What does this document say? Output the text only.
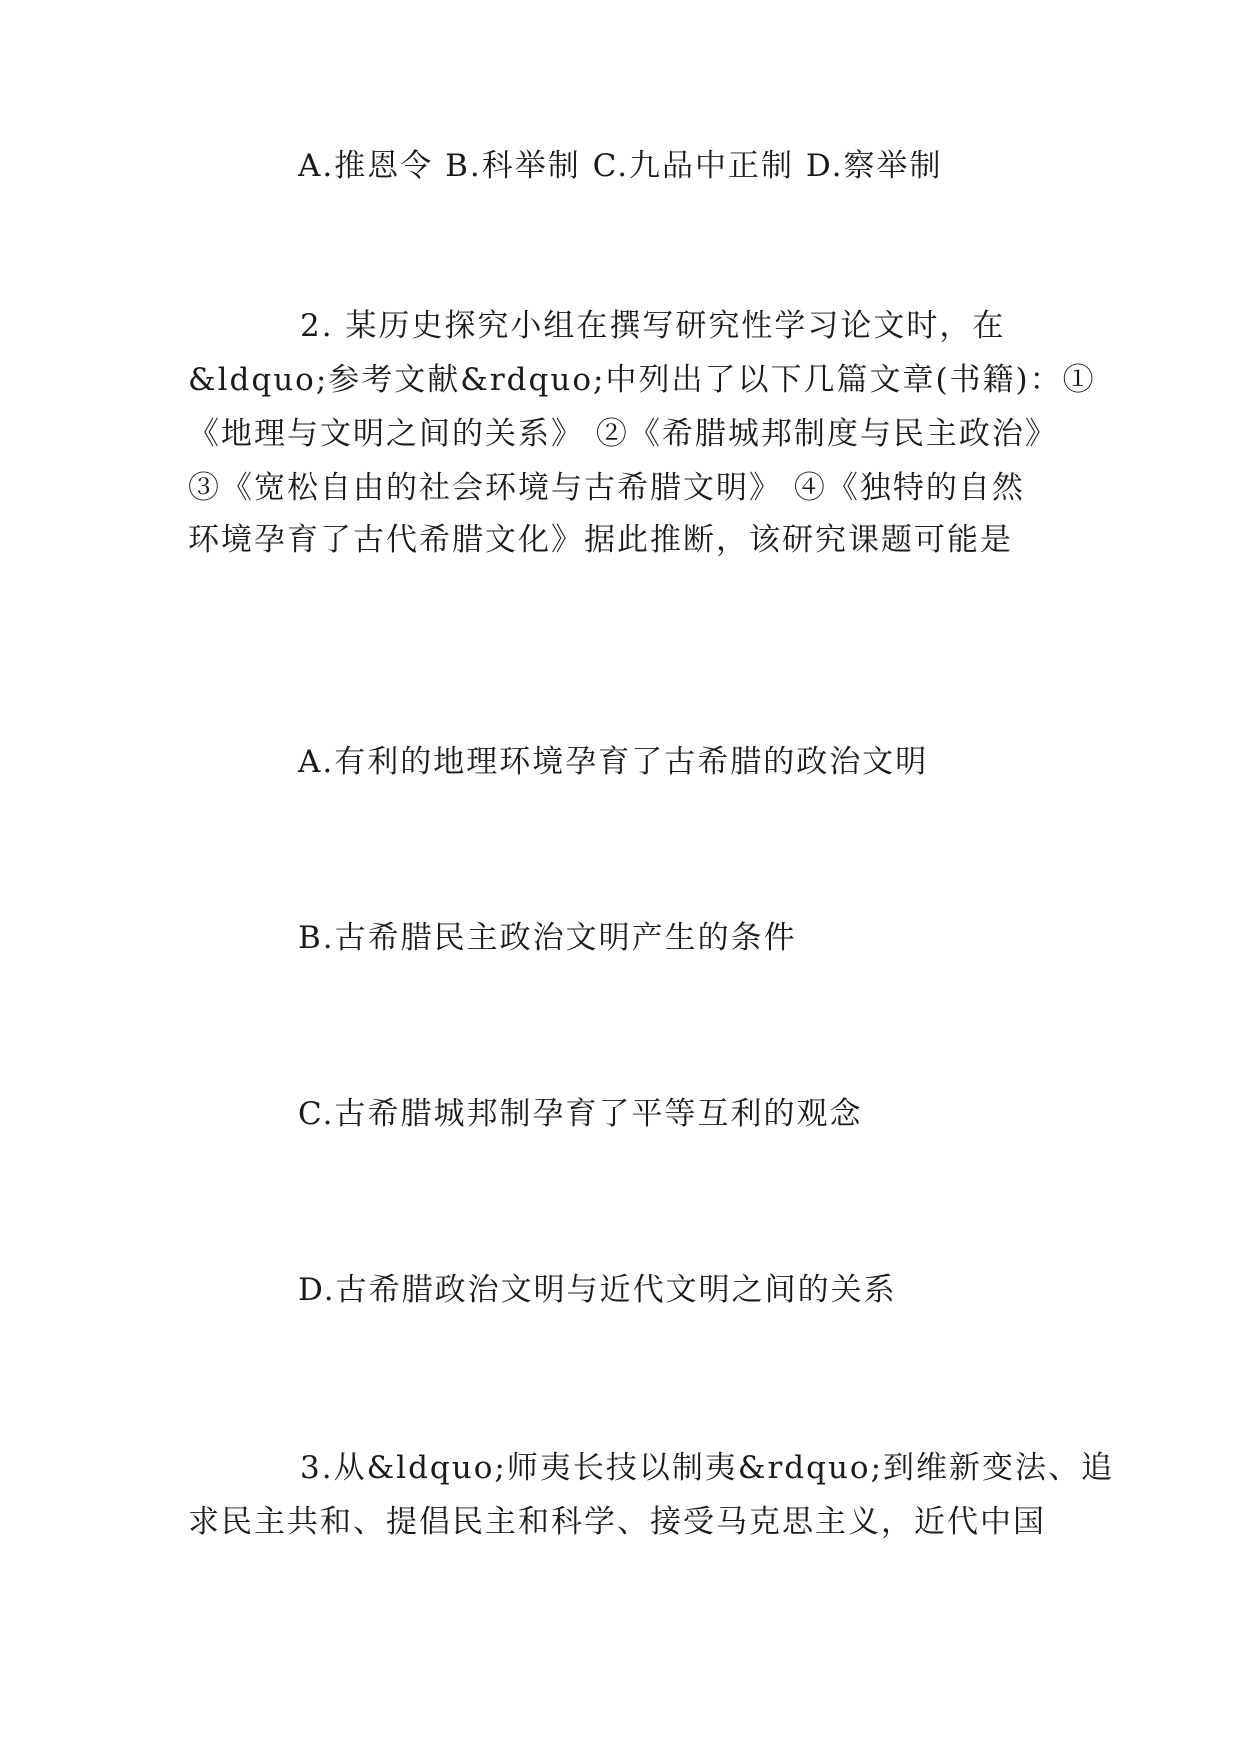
A.推恩令 B.科举制 C.九品中正制 D.察举制
2. 某历史探究小组在撰写研究性学习论文时，在
&ldquo;参考文献&rdquo;中列出了以下几篇文章(书籍)：①
《地理与文明之间的关系》 ②《希腊城邦制度与民主政治》
③《宽松自由的社会环境与古希腊文明》 ④《独特的自然
环境孕育了古代希腊文化》据此推断，该研究课题可能是
A.有利的地理环境孕育了古希腊的政治文明
B.古希腊民主政治文明产生的条件
C.古希腊城邦制孕育了平等互利的观念
D.古希腊政治文明与近代文明之间的关系
3.从&ldquo;师夷长技以制夷&rdquo;到维新变法、追
求民主共和、提倡民主和科学、接受马克思主义，近代中国
